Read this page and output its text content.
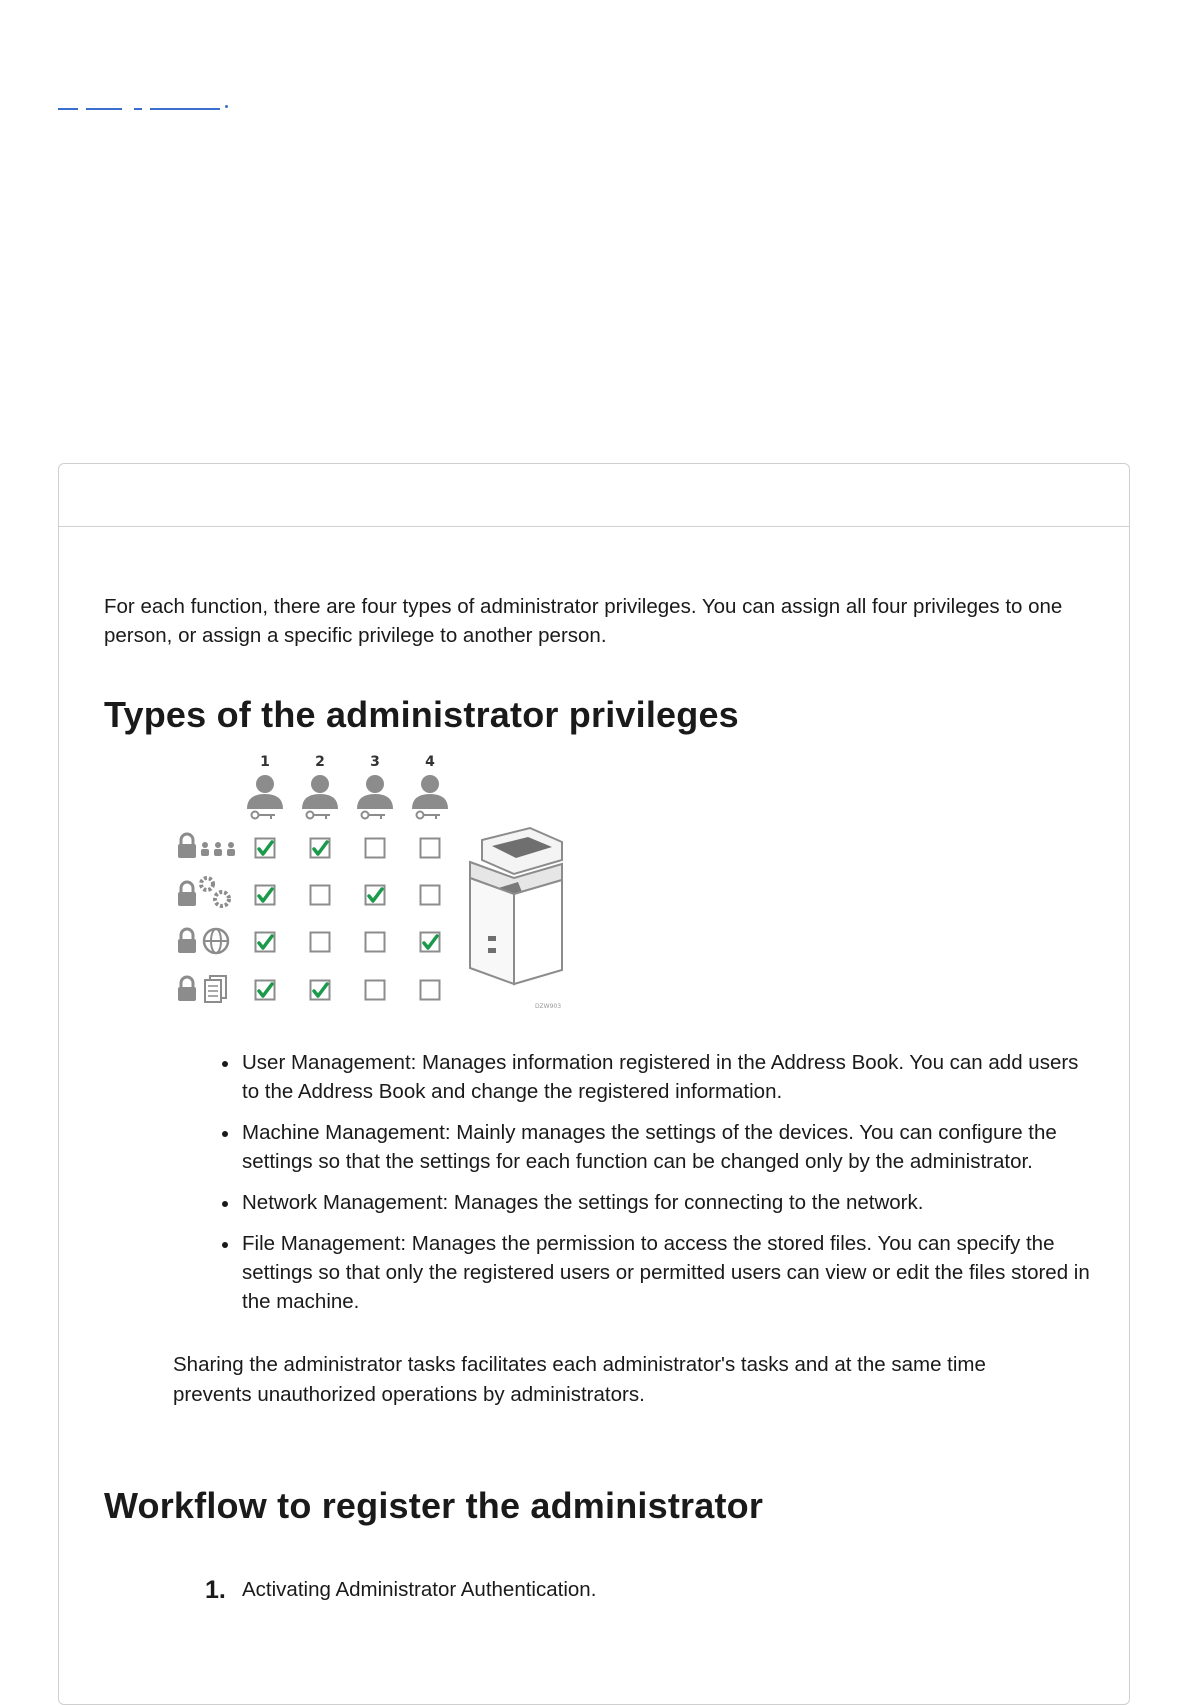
For each function, there are four types of administrator privileges. You can assign all four privileges to one person, or assign a specific privilege to another person.

Types of the administrator privileges
1	2	3	4
DZW903
User Management: Manages information registered in the Address Book. You can add users to the Address Book and change the registered information.
Machine Management: Mainly manages the settings of the devices. You can configure the settings so that the settings for each function can be changed only by the administrator.
Network Management: Manages the settings for connecting to the network.
File Management: Manages the permission to access the stored files. You can specify the settings so that only the registered users or permitted users can view or edit the files stored in the machine.

Sharing the administrator tasks facilitates each administrator's tasks and at the same time prevents unauthorized operations by administrators.

Workflow to register the administrator
1. Activating Administrator Authentication.
